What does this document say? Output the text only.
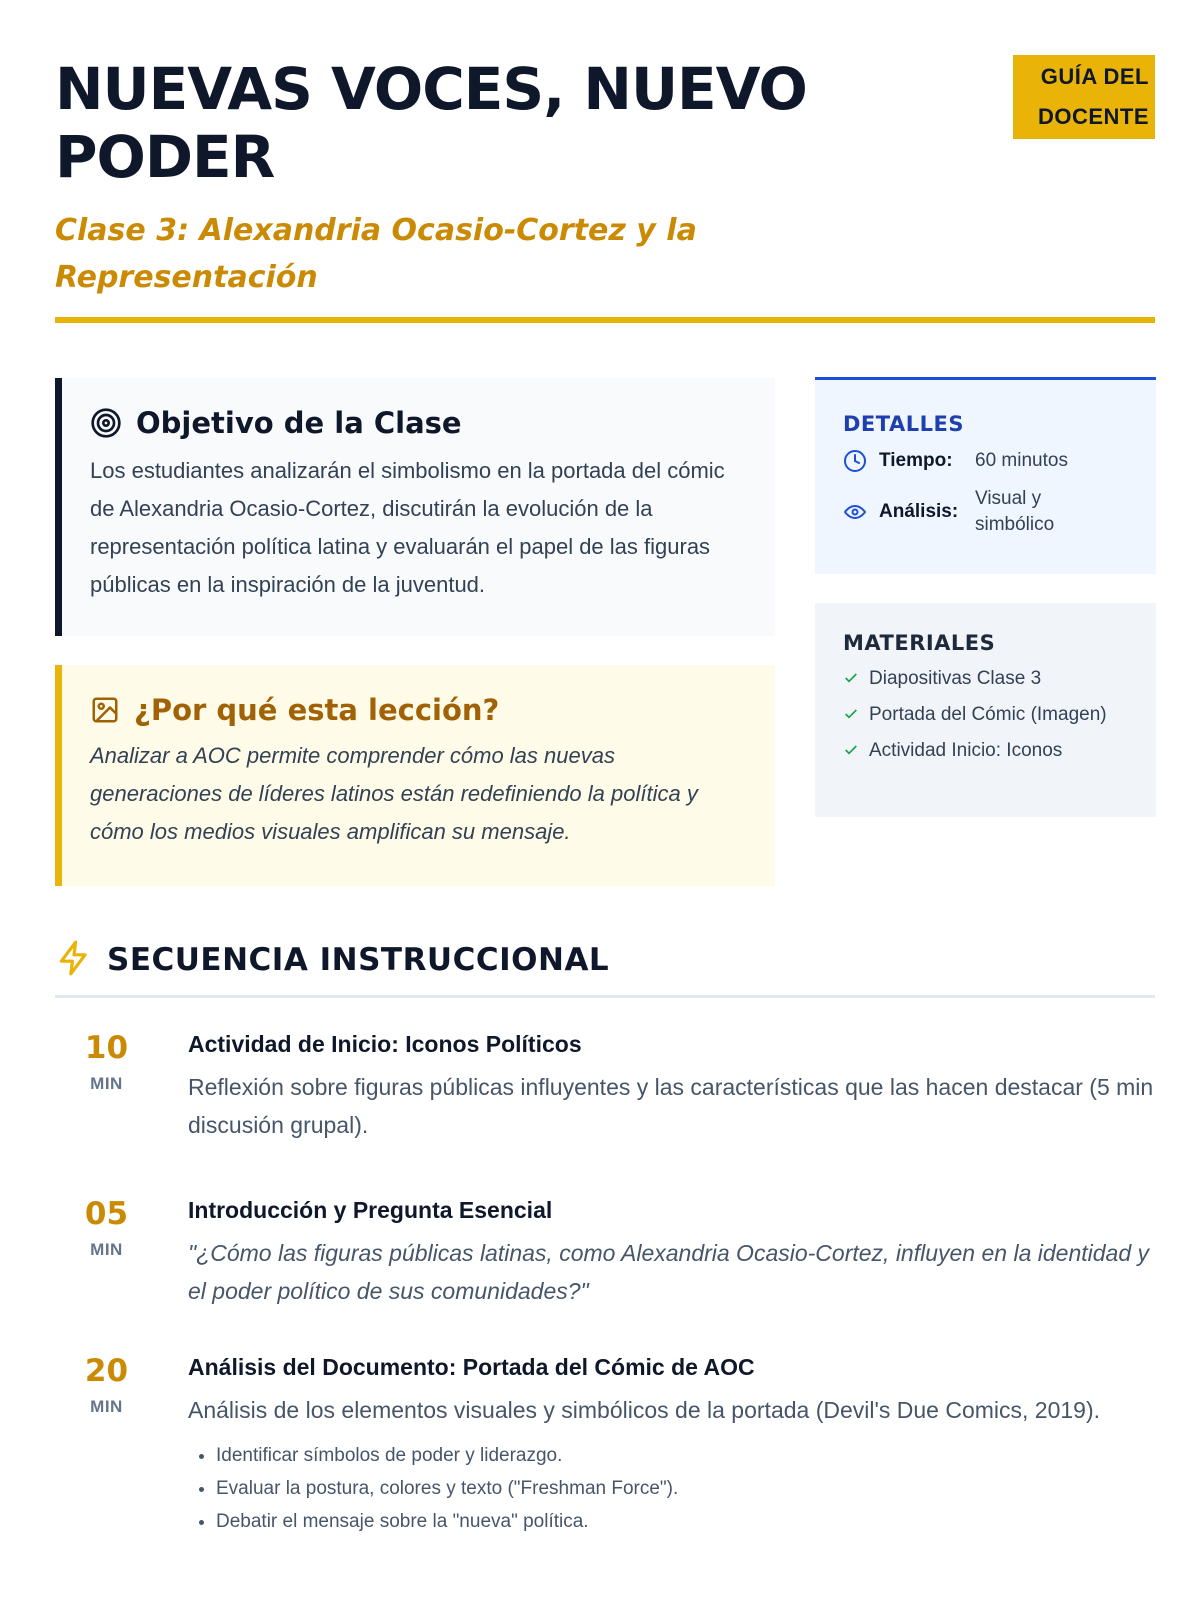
NUEVAS VOCES, NUEVO PODER
Clase 3: Alexandria Ocasio-Cortez y la Representación
GUÍA DEL DOCENTE
Objetivo de la Clase

Los estudiantes analizarán el simbolismo en la portada del cómic de Alexandria Ocasio-Cortez, discutirán la evolución de la representación política latina y evaluarán el papel de las figuras públicas en la inspiración de la juventud.

¿Por qué esta lección?

Analizar a AOC permite comprender cómo las nuevas generaciones de líderes latinos están redefiniendo la política y cómo los medios visuales amplifican su mensaje.

DETALLES
Tiempo:	60 minutos
Análisis:
Visual y simbólico
MATERIALES
Diapositivas Clase 3
Portada del Cómic (Imagen)
Actividad Inicio: Iconos
SECUENCIA INSTRUCCIONAL
10
MIN
Actividad de Inicio: Iconos Políticos

Reflexión sobre figuras públicas influyentes y las características que las hacen destacar (5 min discusión grupal).

05
MIN
Introducción y Pregunta Esencial

"¿Cómo las figuras públicas latinas, como Alexandria Ocasio-Cortez, influyen en la identidad y el poder político de sus comunidades?"

20
MIN
Análisis del Documento: Portada del Cómic de AOC

Análisis de los elementos visuales y simbólicos de la portada (Devil's Due Comics, 2019).

• Identificar símbolos de poder y liderazgo.
• Evaluar la postura, colores y texto ("Freshman Force").
• Debatir el mensaje sobre la "nueva" política.
